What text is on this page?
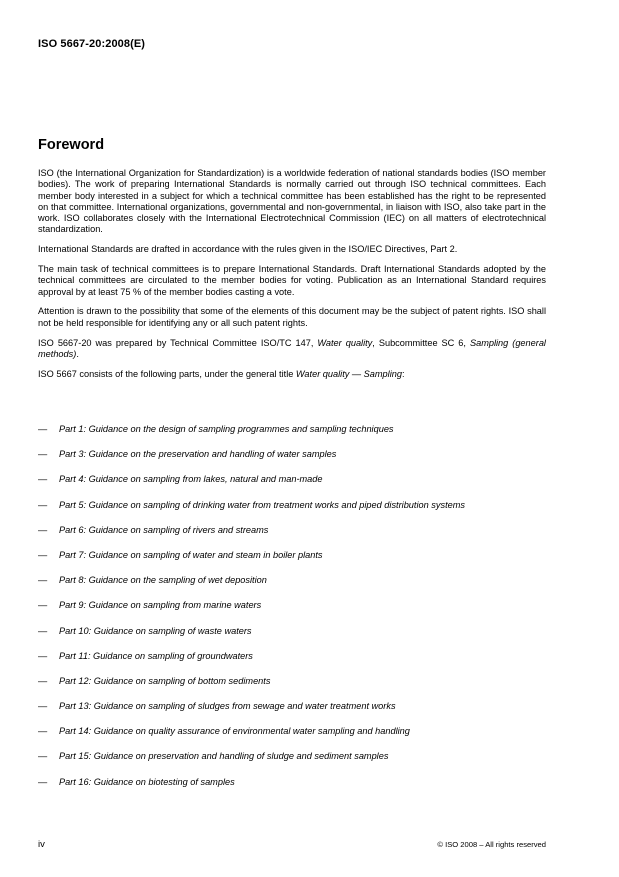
ISO 5667-20:2008(E)
Foreword

ISO (the International Organization for Standardization) is a worldwide federation of national standards bodies (ISO member bodies). The work of preparing International Standards is normally carried out through ISO technical committees. Each member body interested in a subject for which a technical committee has been established has the right to be represented on that committee. International organizations, governmental and non-governmental, in liaison with ISO, also take part in the work. ISO collaborates closely with the International Electrotechnical Commission (IEC) on all matters of electrotechnical standardization.

International Standards are drafted in accordance with the rules given in the ISO/IEC Directives, Part 2.

The main task of technical committees is to prepare International Standards. Draft International Standards adopted by the technical committees are circulated to the member bodies for voting. Publication as an International Standard requires approval by at least 75 % of the member bodies casting a vote.

Attention is drawn to the possibility that some of the elements of this document may be the subject of patent rights. ISO shall not be held responsible for identifying any or all such patent rights.

ISO 5667-20 was prepared by Technical Committee ISO/TC 147, Water quality, Subcommittee SC 6, Sampling (general methods).

ISO 5667 consists of the following parts, under the general title Water quality — Sampling:

—	Part 1: Guidance on the design of sampling programmes and sampling techniques
—	Part 3: Guidance on the preservation and handling of water samples
—	Part 4: Guidance on sampling from lakes, natural and man-made
—	Part 5: Guidance on sampling of drinking water from treatment works and piped distribution systems
—	Part 6: Guidance on sampling of rivers and streams
—	Part 7: Guidance on sampling of water and steam in boiler plants
—	Part 8: Guidance on the sampling of wet deposition
—	Part 9: Guidance on sampling from marine waters
—	Part 10: Guidance on sampling of waste waters
—	Part 11: Guidance on sampling of groundwaters
—	Part 12: Guidance on sampling of bottom sediments
—	Part 13: Guidance on sampling of sludges from sewage and water treatment works
—	Part 14: Guidance on quality assurance of environmental water sampling and handling
—	Part 15: Guidance on preservation and handling of sludge and sediment samples
—	Part 16: Guidance on biotesting of samples
iv	© ISO 2008 – All rights reserved
